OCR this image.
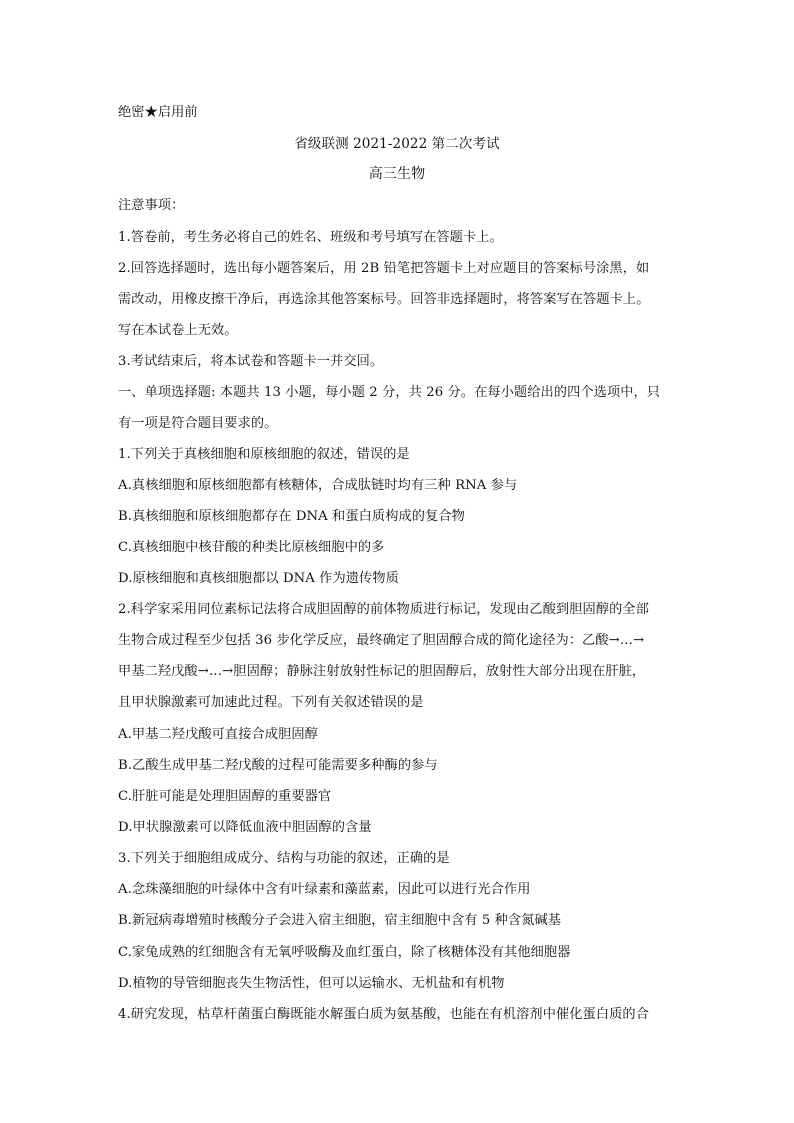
绝密★启用前
省级联测 2021-2022 第二次考试
高三生物
注意事项：
1.答卷前，考生务必将自己的姓名、班级和考号填写在答题卡上。
2.回答选择题时，选出每小题答案后，用 2B 铅笔把答题卡上对应题目的答案标号涂黑，如
需改动，用橡皮擦干净后，再选涂其他答案标号。回答非选择题时，将答案写在答题卡上。
写在本试卷上无效。
3.考试结束后，将本试卷和答题卡一并交回。
一、单项选择题: 本题共 13 小题，每小题 2 分，共 26 分。在每小题给出的四个选项中，只
有一项是符合题目要求的。
1.下列关于真核细胞和原核细胞的叙述，错误的是
A.真核细胞和原核细胞都有核糖体，合成肽链时均有三种 RNA 参与
B.真核细胞和原核细胞都存在 DNA 和蛋白质构成的复合物
C.真核细胞中核苷酸的种类比原核细胞中的多
D.原核细胞和真核细胞都以 DNA 作为遗传物质
2.科学家采用同位素标记法将合成胆固醇的前体物质进行标记，发现由乙酸到胆固醇的全部
生物合成过程至少包括 36 步化学反应，最终确定了胆固醇合成的简化途径为：乙酸→…→
甲基二羟戊酸→…→胆固醇；静脉注射放射性标记的胆固醇后，放射性大部分出现在肝脏，
且甲状腺激素可加速此过程。下列有关叙述错误的是
A.甲基二羟戊酸可直接合成胆固醇
B.乙酸生成甲基二羟戊酸的过程可能需要多种酶的参与
C.肝脏可能是处理胆固醇的重要器官
D.甲状腺激素可以降低血液中胆固醇的含量
3.下列关于细胞组成成分、结构与功能的叙述，正确的是
A.念珠藻细胞的叶绿体中含有叶绿素和藻蓝素，因此可以进行光合作用
B.新冠病毒增殖时核酸分子会进入宿主细胞，宿主细胞中含有 5 种含氮碱基
C.家兔成熟的红细胞含有无氧呼吸酶及血红蛋白，除了核糖体没有其他细胞器
D.植物的导管细胞丧失生物活性，但可以运输水、无机盐和有机物
4.研究发现，枯草杆菌蛋白酶既能水解蛋白质为氨基酸，也能在有机溶剂中催化蛋白质的合
